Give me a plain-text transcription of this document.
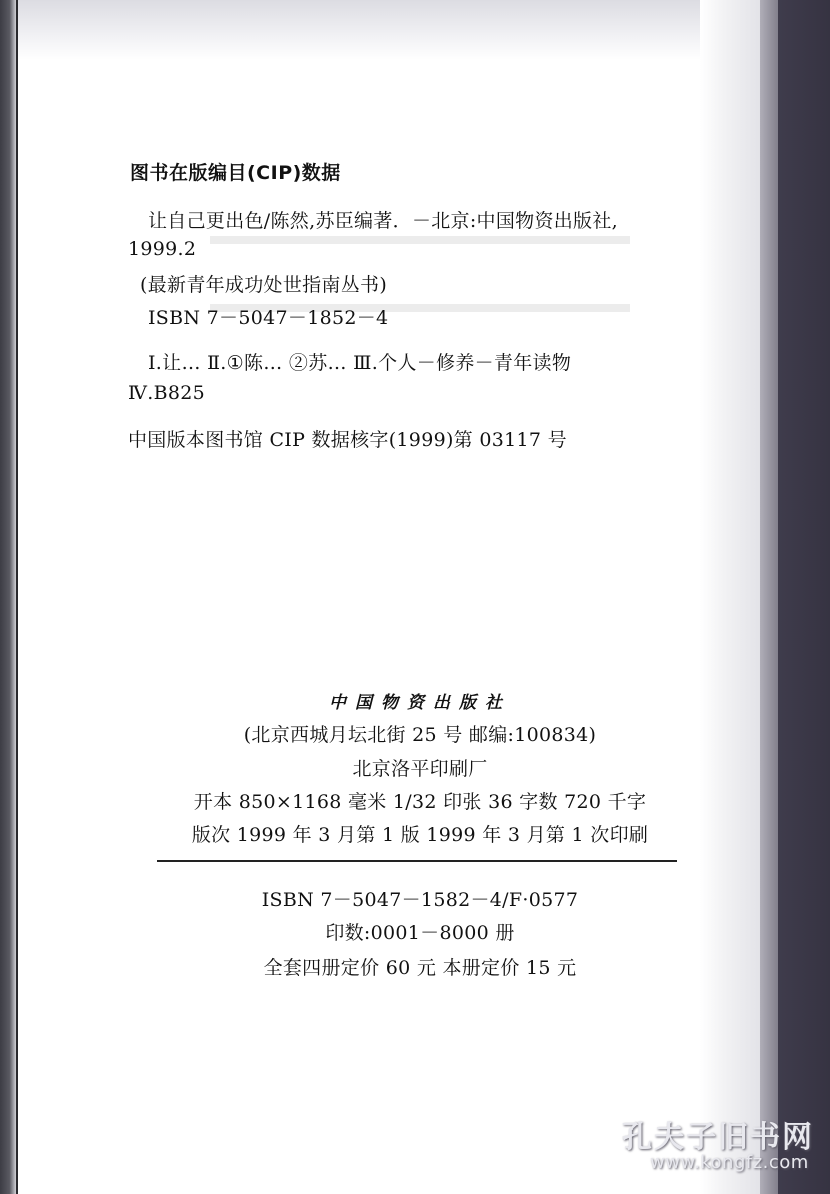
图书在版编目(CIP)数据
让自己更出色/陈然,苏臣编著．－北京:中国物资出版社,
1999.2
(最新青年成功处世指南丛书)
ISBN 7－5047－1852－4
Ⅰ.让… Ⅱ.①陈… ②苏… Ⅲ.个人－修养－青年读物
Ⅳ.B825
中国版本图书馆 CIP 数据核字(1999)第 03117 号
中国物资出版社
(北京西城月坛北街 25 号 邮编:100834)
北京洛平印刷厂
开本 850×1168 毫米 1/32 印张 36 字数 720 千字
版次 1999 年 3 月第 1 版 1999 年 3 月第 1 次印刷
ISBN 7－5047－1582－4/F·0577
印数:0001－8000 册
全套四册定价 60 元 本册定价 15 元
孔夫子旧书网
www.kongfz.com
